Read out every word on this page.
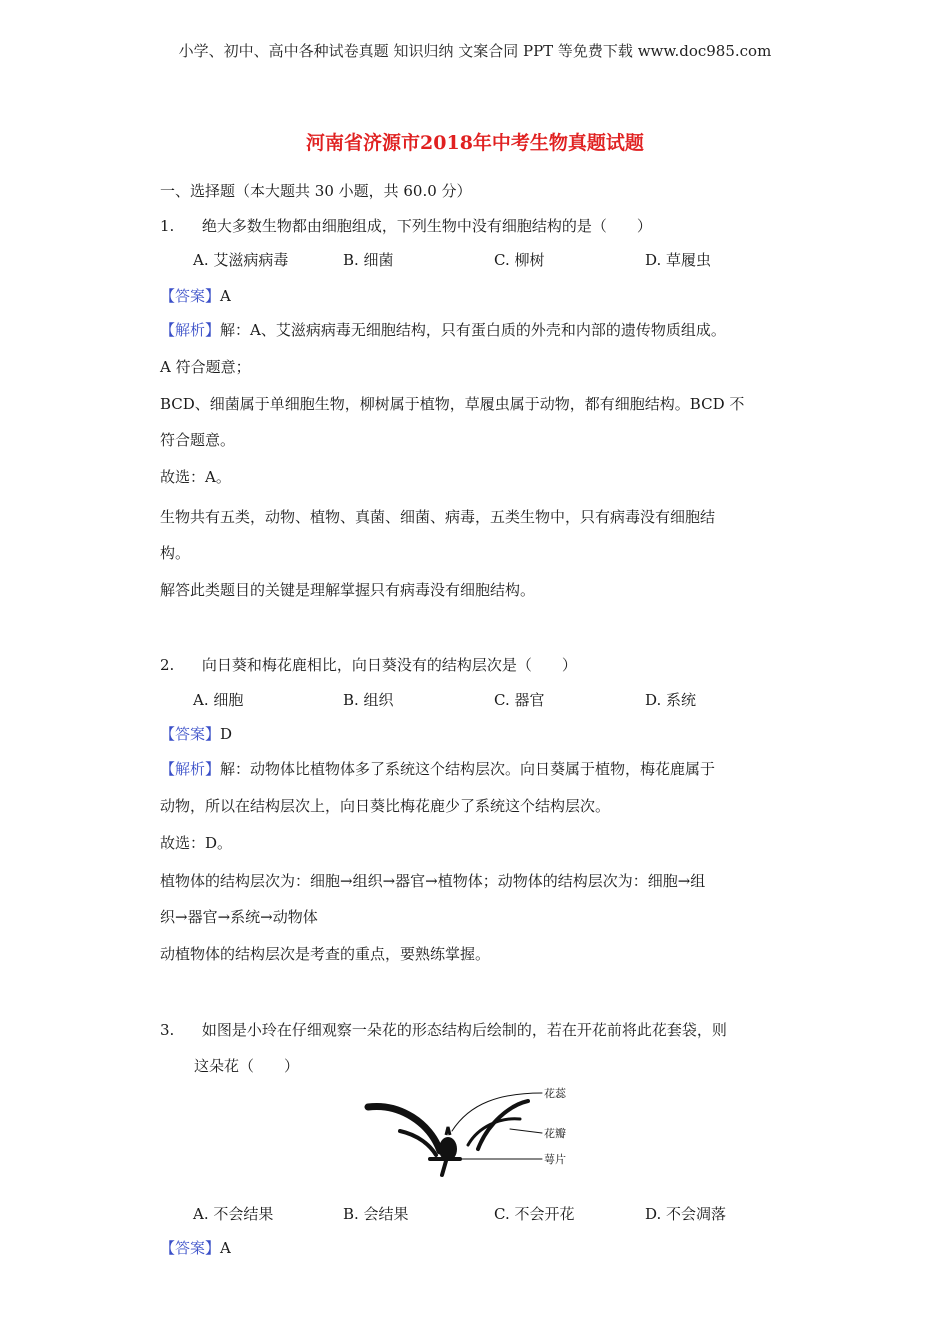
小学、初中、高中各种试卷真题 知识归纳 文案合同 PPT 等免费下载 www.doc985.com
河南省济源市2018年中考生物真题试题
一、选择题（本大题共 30 小题，共 60.0 分）
1. 绝大多数生物都由细胞组成，下列生物中没有细胞结构的是（　　）
A. 艾滋病病毒	B. 细菌	C. 柳树	D. 草履虫
【答案】A
【解析】解：A、艾滋病病毒无细胞结构，只有蛋白质的外壳和内部的遗传物质组成。
A 符合题意；
BCD、细菌属于单细胞生物，柳树属于植物，草履虫属于动物，都有细胞结构。BCD 不
符合题意。
故选：A。
生物共有五类，动物、植物、真菌、细菌、病毒，五类生物中，只有病毒没有细胞结
构。
解答此类题目的关键是理解掌握只有病毒没有细胞结构。
2. 向日葵和梅花鹿相比，向日葵没有的结构层次是（　　）
A. 细胞	B. 组织	C. 器官	D. 系统
【答案】D
【解析】解：动物体比植物体多了系统这个结构层次。向日葵属于植物，梅花鹿属于
动物，所以在结构层次上，向日葵比梅花鹿少了系统这个结构层次。
故选：D。
植物体的结构层次为：细胞→组织→器官→植物体；动物体的结构层次为：细胞→组
织→器官→系统→动物体
动植物体的结构层次是考查的重点，要熟练掌握。
3. 如图是小玲在仔细观察一朵花的形态结构后绘制的，若在开花前将此花套袋，则
这朵花（　　）
花蕊
花瓣
萼片
A. 不会结果	B. 会结果	C. 不会开花	D. 不会凋落
【答案】A
